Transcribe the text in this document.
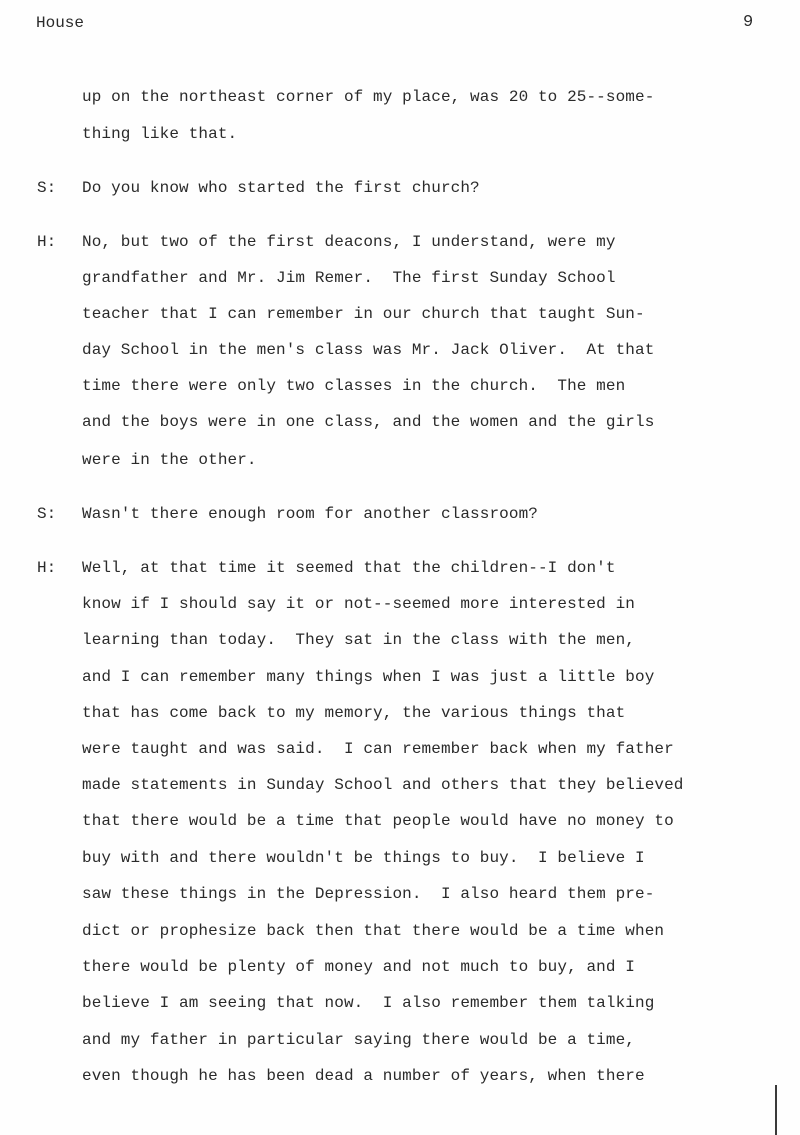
House	9
up on the northeast corner of my place, was 20 to 25--some-
thing like that.
S: Do you know who started the first church?
H: No, but two of the first deacons, I understand, were my
grandfather and Mr. Jim Remer.  The first Sunday School
teacher that I can remember in our church that taught Sun-
day School in the men's class was Mr. Jack Oliver.  At that
time there were only two classes in the church.  The men
and the boys were in one class, and the women and the girls
were in the other.
S: Wasn't there enough room for another classroom?
H: Well, at that time it seemed that the children--I don't
know if I should say it or not--seemed more interested in
learning than today.  They sat in the class with the men,
and I can remember many things when I was just a little boy
that has come back to my memory, the various things that
were taught and was said.  I can remember back when my father
made statements in Sunday School and others that they believed
that there would be a time that people would have no money to
buy with and there wouldn't be things to buy.  I believe I
saw these things in the Depression.  I also heard them pre-
dict or prophesize back then that there would be a time when
there would be plenty of money and not much to buy, and I
believe I am seeing that now.  I also remember them talking
and my father in particular saying there would be a time,
even though he has been dead a number of years, when there
